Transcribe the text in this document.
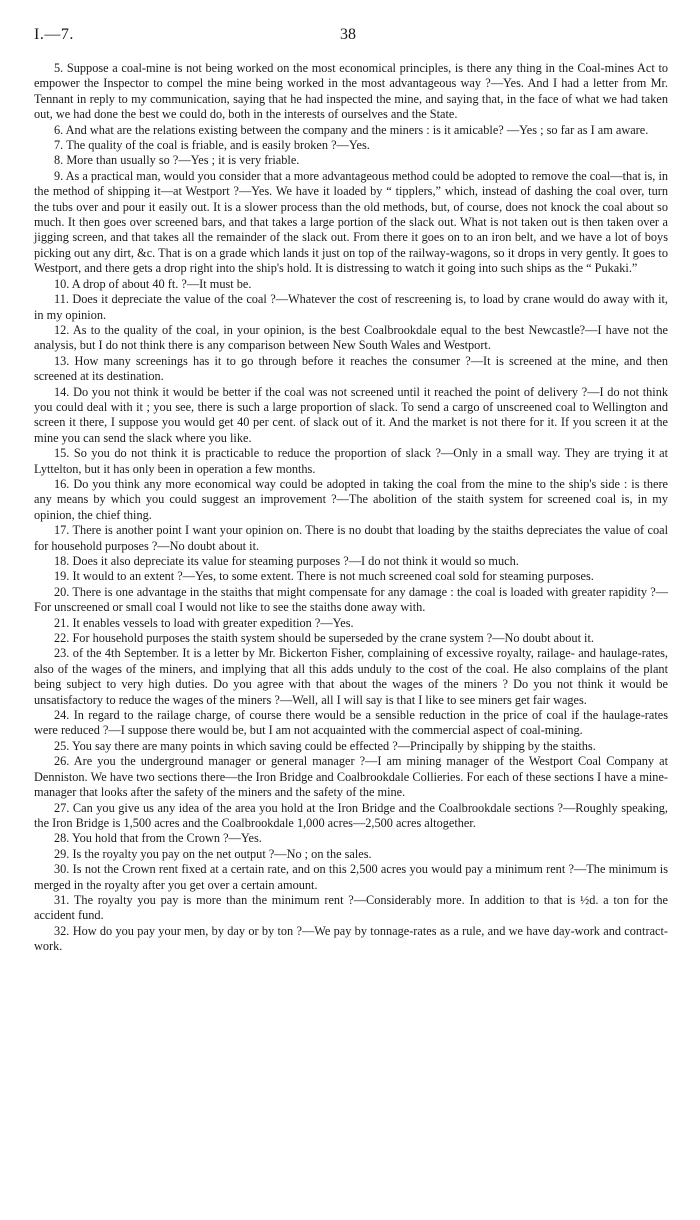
I.—7.	38

5. Suppose a coal-mine is not being worked on the most economical principles, is there any thing in the Coal-mines Act to empower the Inspector to compel the mine being worked in the most advantageous way ?—Yes. And I had a letter from Mr. Tennant in reply to my communication, saying that he had inspected the mine, and saying that, in the face of what we had taken out, we had done the best we could do, both in the interests of ourselves and the State.

6. And what are the relations existing between the company and the miners : is it amicable? —Yes ; so far as I am aware.

7. The quality of the coal is friable, and is easily broken ?—Yes.

8. More than usually so ?—Yes ; it is very friable.

9. As a practical man, would you consider that a more advantageous method could be adopted to remove the coal—that is, in the method of shipping it—at Westport ?—Yes. We have it loaded by “ tipplers,” which, instead of dashing the coal over, turn the tubs over and pour it easily out. It is a slower process than the old methods, but, of course, does not knock the coal about so much. It then goes over screened bars, and that takes a large portion of the slack out. What is not taken out is then taken over a jigging screen, and that takes all the remainder of the slack out. From there it goes on to an iron belt, and we have a lot of boys picking out any dirt, &c. That is on a grade which lands it just on top of the railway-wagons, so it drops in very gently. It goes to Westport, and there gets a drop right into the ship's hold. It is distressing to watch it going into such ships as the “ Pukaki.”

10. A drop of about 40 ft. ?—It must be.

11. Does it depreciate the value of the coal ?—Whatever the cost of rescreening is, to load by crane would do away with it, in my opinion.

12. As to the quality of the coal, in your opinion, is the best Coalbrookdale equal to the best Newcastle?—I have not the analysis, but I do not think there is any comparison between New South Wales and Westport.

13. How many screenings has it to go through before it reaches the consumer ?—It is screened at the mine, and then screened at its destination.

14. Do you not think it would be better if the coal was not screened until it reached the point of delivery ?—I do not think you could deal with it ; you see, there is such a large proportion of slack. To send a cargo of unscreened coal to Wellington and screen it there, I suppose you would get 40 per cent. of slack out of it. And the market is not there for it. If you screen it at the mine you can send the slack where you like.

15. So you do not think it is practicable to reduce the proportion of slack ?—Only in a small way. They are trying it at Lyttelton, but it has only been in operation a few months.

16. Do you think any more economical way could be adopted in taking the coal from the mine to the ship's side : is there any means by which you could suggest an improvement ?—The abolition of the staith system for screened coal is, in my opinion, the chief thing.

17. There is another point I want your opinion on. There is no doubt that loading by the staiths depreciates the value of coal for household purposes ?—No doubt about it.

18. Does it also depreciate its value for steaming purposes ?—I do not think it would so much.

19. It would to an extent ?—Yes, to some extent. There is not much screened coal sold for steaming purposes.

20. There is one advantage in the staiths that might compensate for any damage : the coal is loaded with greater rapidity ?—For unscreened or small coal I would not like to see the staiths done away with.

21. It enables vessels to load with greater expedition ?—Yes.

22. For household purposes the staith system should be superseded by the crane system ?—No doubt about it.

23. of the 4th September. It is a letter by Mr. Bickerton Fisher, complaining of excessive royalty, railage- and haulage-rates, also of the wages of the miners, and implying that all this adds unduly to the cost of the coal. He also complains of the plant being subject to very high duties. Do you agree with that about the wages of the miners ? Do you not think it would be unsatisfactory to reduce the wages of the miners ?—Well, all I will say is that I like to see miners get fair wages.

24. In regard to the railage charge, of course there would be a sensible reduction in the price of coal if the haulage-rates were reduced ?—I suppose there would be, but I am not acquainted with the commercial aspect of coal-mining.

25. You say there are many points in which saving could be effected ?—Principally by shipping by the staiths.

26. Are you the underground manager or general manager ?—I am mining manager of the Westport Coal Company at Denniston. We have two sections there—the Iron Bridge and Coalbrookdale Collieries. For each of these sections I have a mine-manager that looks after the safety of the miners and the safety of the mine.

27. Can you give us any idea of the area you hold at the Iron Bridge and the Coalbrookdale sections ?—Roughly speaking, the Iron Bridge is 1,500 acres and the Coalbrookdale 1,000 acres—2,500 acres altogether.

28. You hold that from the Crown ?—Yes.

29. Is the royalty you pay on the net output ?—No ; on the sales.

30. Is not the Crown rent fixed at a certain rate, and on this 2,500 acres you would pay a minimum rent ?—The minimum is merged in the royalty after you get over a certain amount.

31. The royalty you pay is more than the minimum rent ?—Considerably more. In addition to that is ½d. a ton for the accident fund.

32. How do you pay your men, by day or by ton ?—We pay by tonnage-rates as a rule, and we have day-work and contract-work.
